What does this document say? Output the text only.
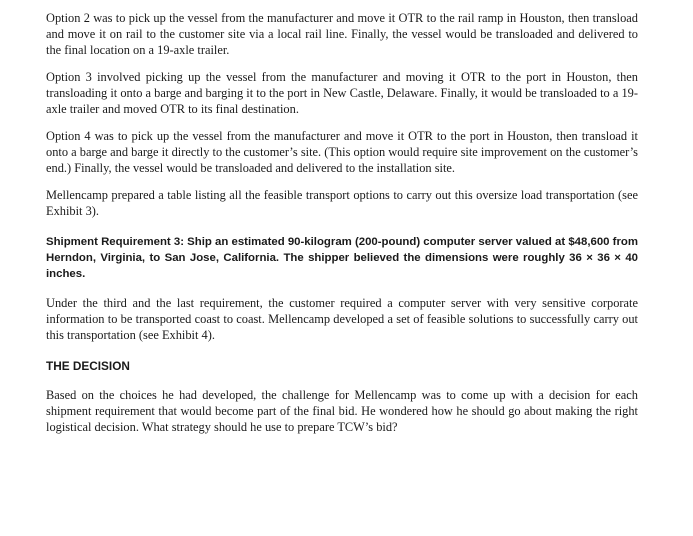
Option 2 was to pick up the vessel from the manufacturer and move it OTR to the rail ramp in Houston, then transload and move it on rail to the customer site via a local rail line. Finally, the vessel would be transloaded and delivered to the final location on a 19-axle trailer.

Option 3 involved picking up the vessel from the manufacturer and moving it OTR to the port in Houston, then transloading it onto a barge and barging it to the port in New Castle, Delaware. Finally, it would be transloaded to a 19-axle trailer and moved OTR to its final destination.

Option 4 was to pick up the vessel from the manufacturer and move it OTR to the port in Houston, then transload it onto a barge and barge it directly to the customer’s site. (This option would require site improvement on the customer’s end.) Finally, the vessel would be transloaded and delivered to the installation site.

Mellencamp prepared a table listing all the feasible transport options to carry out this oversize load transportation (see Exhibit 3).

Shipment Requirement 3: Ship an estimated 90-kilogram (200-pound) computer server valued at $48,600 from Herndon, Virginia, to San Jose, California. The shipper believed the dimensions were roughly 36 × 36 × 40 inches.

Under the third and the last requirement, the customer required a computer server with very sensitive corporate information to be transported coast to coast. Mellencamp developed a set of feasible solutions to successfully carry out this transportation (see Exhibit 4).

THE DECISION

Based on the choices he had developed, the challenge for Mellencamp was to come up with a decision for each shipment requirement that would become part of the final bid. He wondered how he should go about making the right logistical decision. What strategy should he use to prepare TCW’s bid?
